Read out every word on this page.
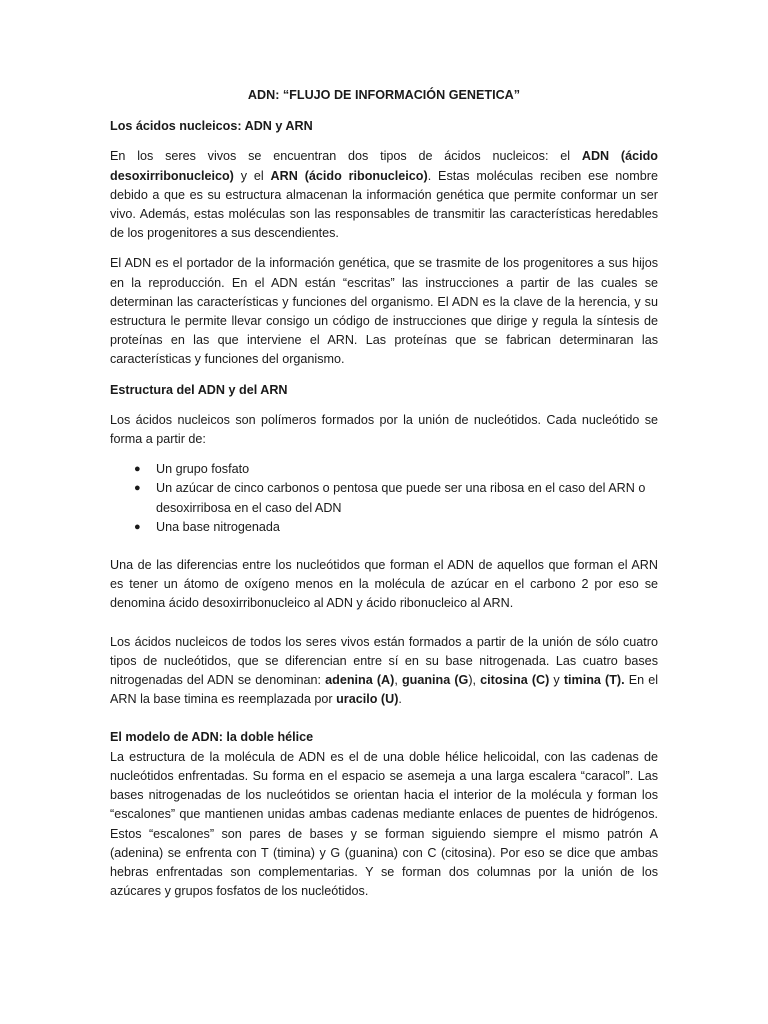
ADN: “FLUJO DE INFORMACIÓN GENETICA”
Los ácidos nucleicos: ADN y ARN

En los seres vivos se encuentran dos tipos de ácidos nucleicos: el ADN (ácido desoxirribonucleico) y el ARN (ácido ribonucleico). Estas moléculas reciben ese nombre debido a que es su estructura almacenan la información genética que permite conformar un ser vivo. Además, estas moléculas son las responsables de transmitir las características heredables de los progenitores a sus descendientes.

El ADN es el portador de la información genética, que se trasmite de los progenitores a sus hijos en la reproducción. En el ADN están “escritas” las instrucciones a partir de las cuales se determinan las características y funciones del organismo. El ADN es la clave de la herencia, y su estructura le permite llevar consigo un código de instrucciones que dirige y regula la síntesis de proteínas en las que interviene el ARN. Las proteínas que se fabrican determinaran las características y funciones del organismo.

Estructura del ADN y del ARN

Los ácidos nucleicos son polímeros formados por la unión de nucleótidos. Cada nucleótido se forma a partir de:

● Un grupo fosfato
● Un azúcar de cinco carbonos o pentosa que puede ser una ribosa en el caso del ARN o desoxirribosa en el caso del ADN
● Una base nitrogenada

Una de las diferencias entre los nucleótidos que forman el ADN de aquellos que forman el ARN es tener un átomo de oxígeno menos en la molécula de azúcar en el carbono 2 por eso se denomina ácido desoxirribonucleico al ADN y ácido ribonucleico al ARN.

Los ácidos nucleicos de todos los seres vivos están formados a partir de la unión de sólo cuatro tipos de nucleótidos, que se diferencian entre sí en su base nitrogenada. Las cuatro bases nitrogenadas del ADN se denominan: adenina (A), guanina (G), citosina (C) y timina (T). En el ARN la base timina es reemplazada por uracilo (U).

El modelo de ADN: la doble hélice

La estructura de la molécula de ADN es el de una doble hélice helicoidal, con las cadenas de nucleótidos enfrentadas. Su forma en el espacio se asemeja a una larga escalera “caracol”. Las bases nitrogenadas de los nucleótidos se orientan hacia el interior de la molécula y forman los “escalones” que mantienen unidas ambas cadenas mediante enlaces de puentes de hidrógenos. Estos “escalones” son pares de bases y se forman siguiendo siempre el mismo patrón A (adenina) se enfrenta con T (timina) y G (guanina) con C (citosina). Por eso se dice que ambas hebras enfrentadas son complementarias. Y se forman dos columnas por la unión de los azúcares y grupos fosfatos de los nucleótidos.
